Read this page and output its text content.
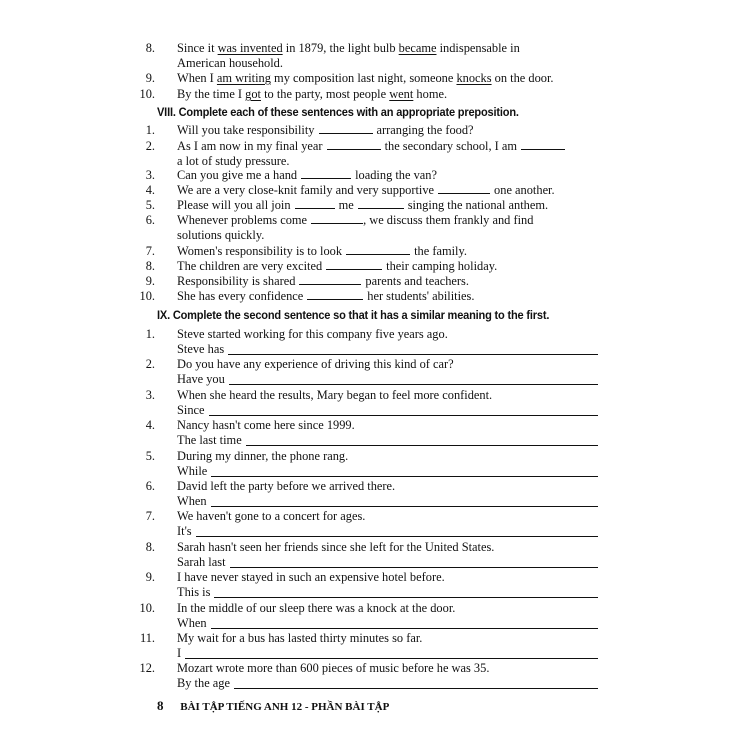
8. Since it was invented in 1879, the light bulb became indispensable in
American household.
9. When I am writing my composition last night, someone knocks on the door.
10. By the time I got to the party, most people went home.
VIII. Complete each of these sentences with an appropriate preposition.
1. Will you take responsibility	arranging the food?
2. As I am now in my final year	the secondary school, I am
a lot of study pressure.
3. Can you give me a hand	loading the van?
4. We are a very close-knit family and very supportive	one another.
5. Please will you all join	me	singing the national anthem.
6. Whenever problems come	, we discuss them frankly and find
solutions quickly.
7. Women's responsibility is to look	the family.
8. The children are very excited	their camping holiday.
9. Responsibility is shared	parents and teachers.
10. She has every confidence	her students' abilities.
IX. Complete the second sentence so that it has a similar meaning to the first.
1. Steve started working for this company five years ago.
Steve has
2. Do you have any experience of driving this kind of car?
Have you
3. When she heard the results, Mary began to feel more confident.
Since
4. Nancy hasn't come here since 1999.
The last time
5. During my dinner, the phone rang.
While
6. David left the party before we arrived there.
When
7. We haven't gone to a concert for ages.
It's
8. Sarah hasn't seen her friends since she left for the United States.
Sarah last
9. I have never stayed in such an expensive hotel before.
This is
10. In the middle of our sleep there was a knock at the door.
When
11. My wait for a bus has lasted thirty minutes so far.
I
12. Mozart wrote more than 600 pieces of music before he was 35.
By the age
8 BÀI TẬP TIẾNG ANH 12 - PHẦN BÀI TẬP
